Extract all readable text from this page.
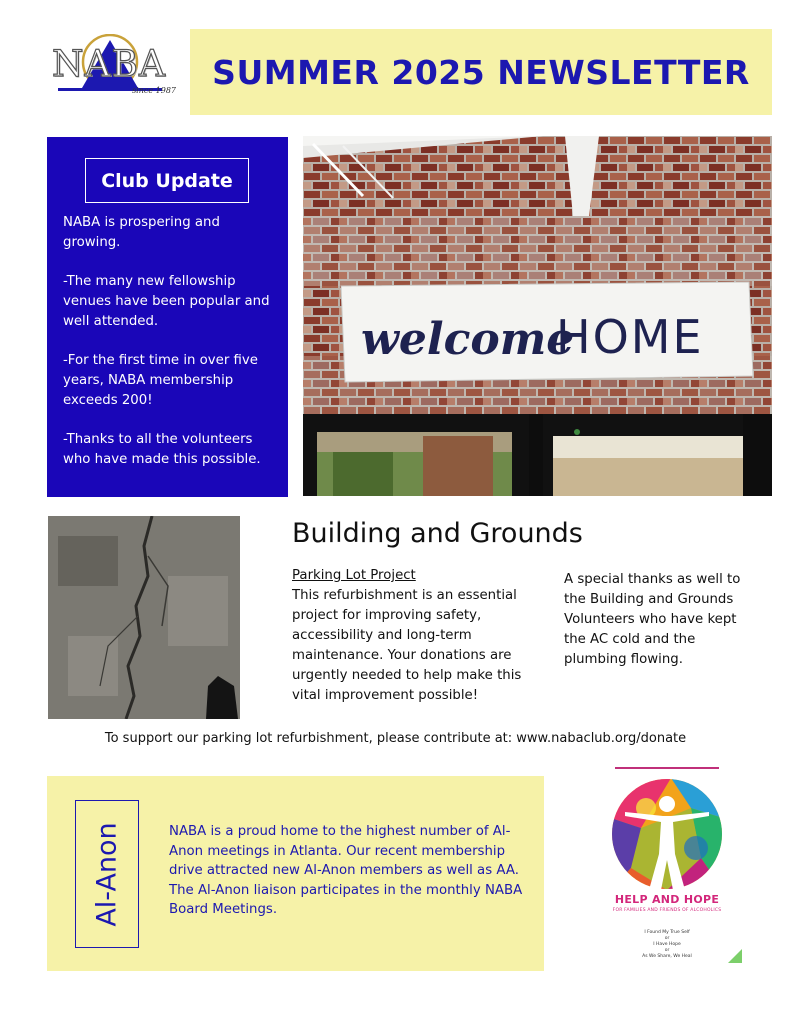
NABA
since 1987 SUMMER 2025 NEWSLETTER
Club Update

NABA is prospering and growing.

-The many new fellowship venues have been popular and well attended.

-For the first time in over five years, NABA membership exceeds 200!

-Thanks to all the volunteers who have made this possible.

welcome
HOME
Building and Grounds
Parking Lot Project
This refurbishment is an essential project for improving safety, accessibility and long-term maintenance. Your donations are urgently needed to help make this vital improvement possible!
A special thanks as well to the Building and Grounds Volunteers who have kept the AC cold and the plumbing flowing.
To support our parking lot refurbishment, please contribute at: www.nabaclub.org/donate
Al-Anon	NABA is a proud home to the highest number of Al-Anon meetings in Atlanta. Our recent membership drive attracted new Al-Anon members as well as AA. The Al-Anon liaison participates in the monthly NABA Board Meetings.
HELP AND HOPE
FOR FAMILIES AND FRIENDS OF ALCOHOLICS
I Found My True Self
or
I Have Hope
or
As We Share, We Heal
